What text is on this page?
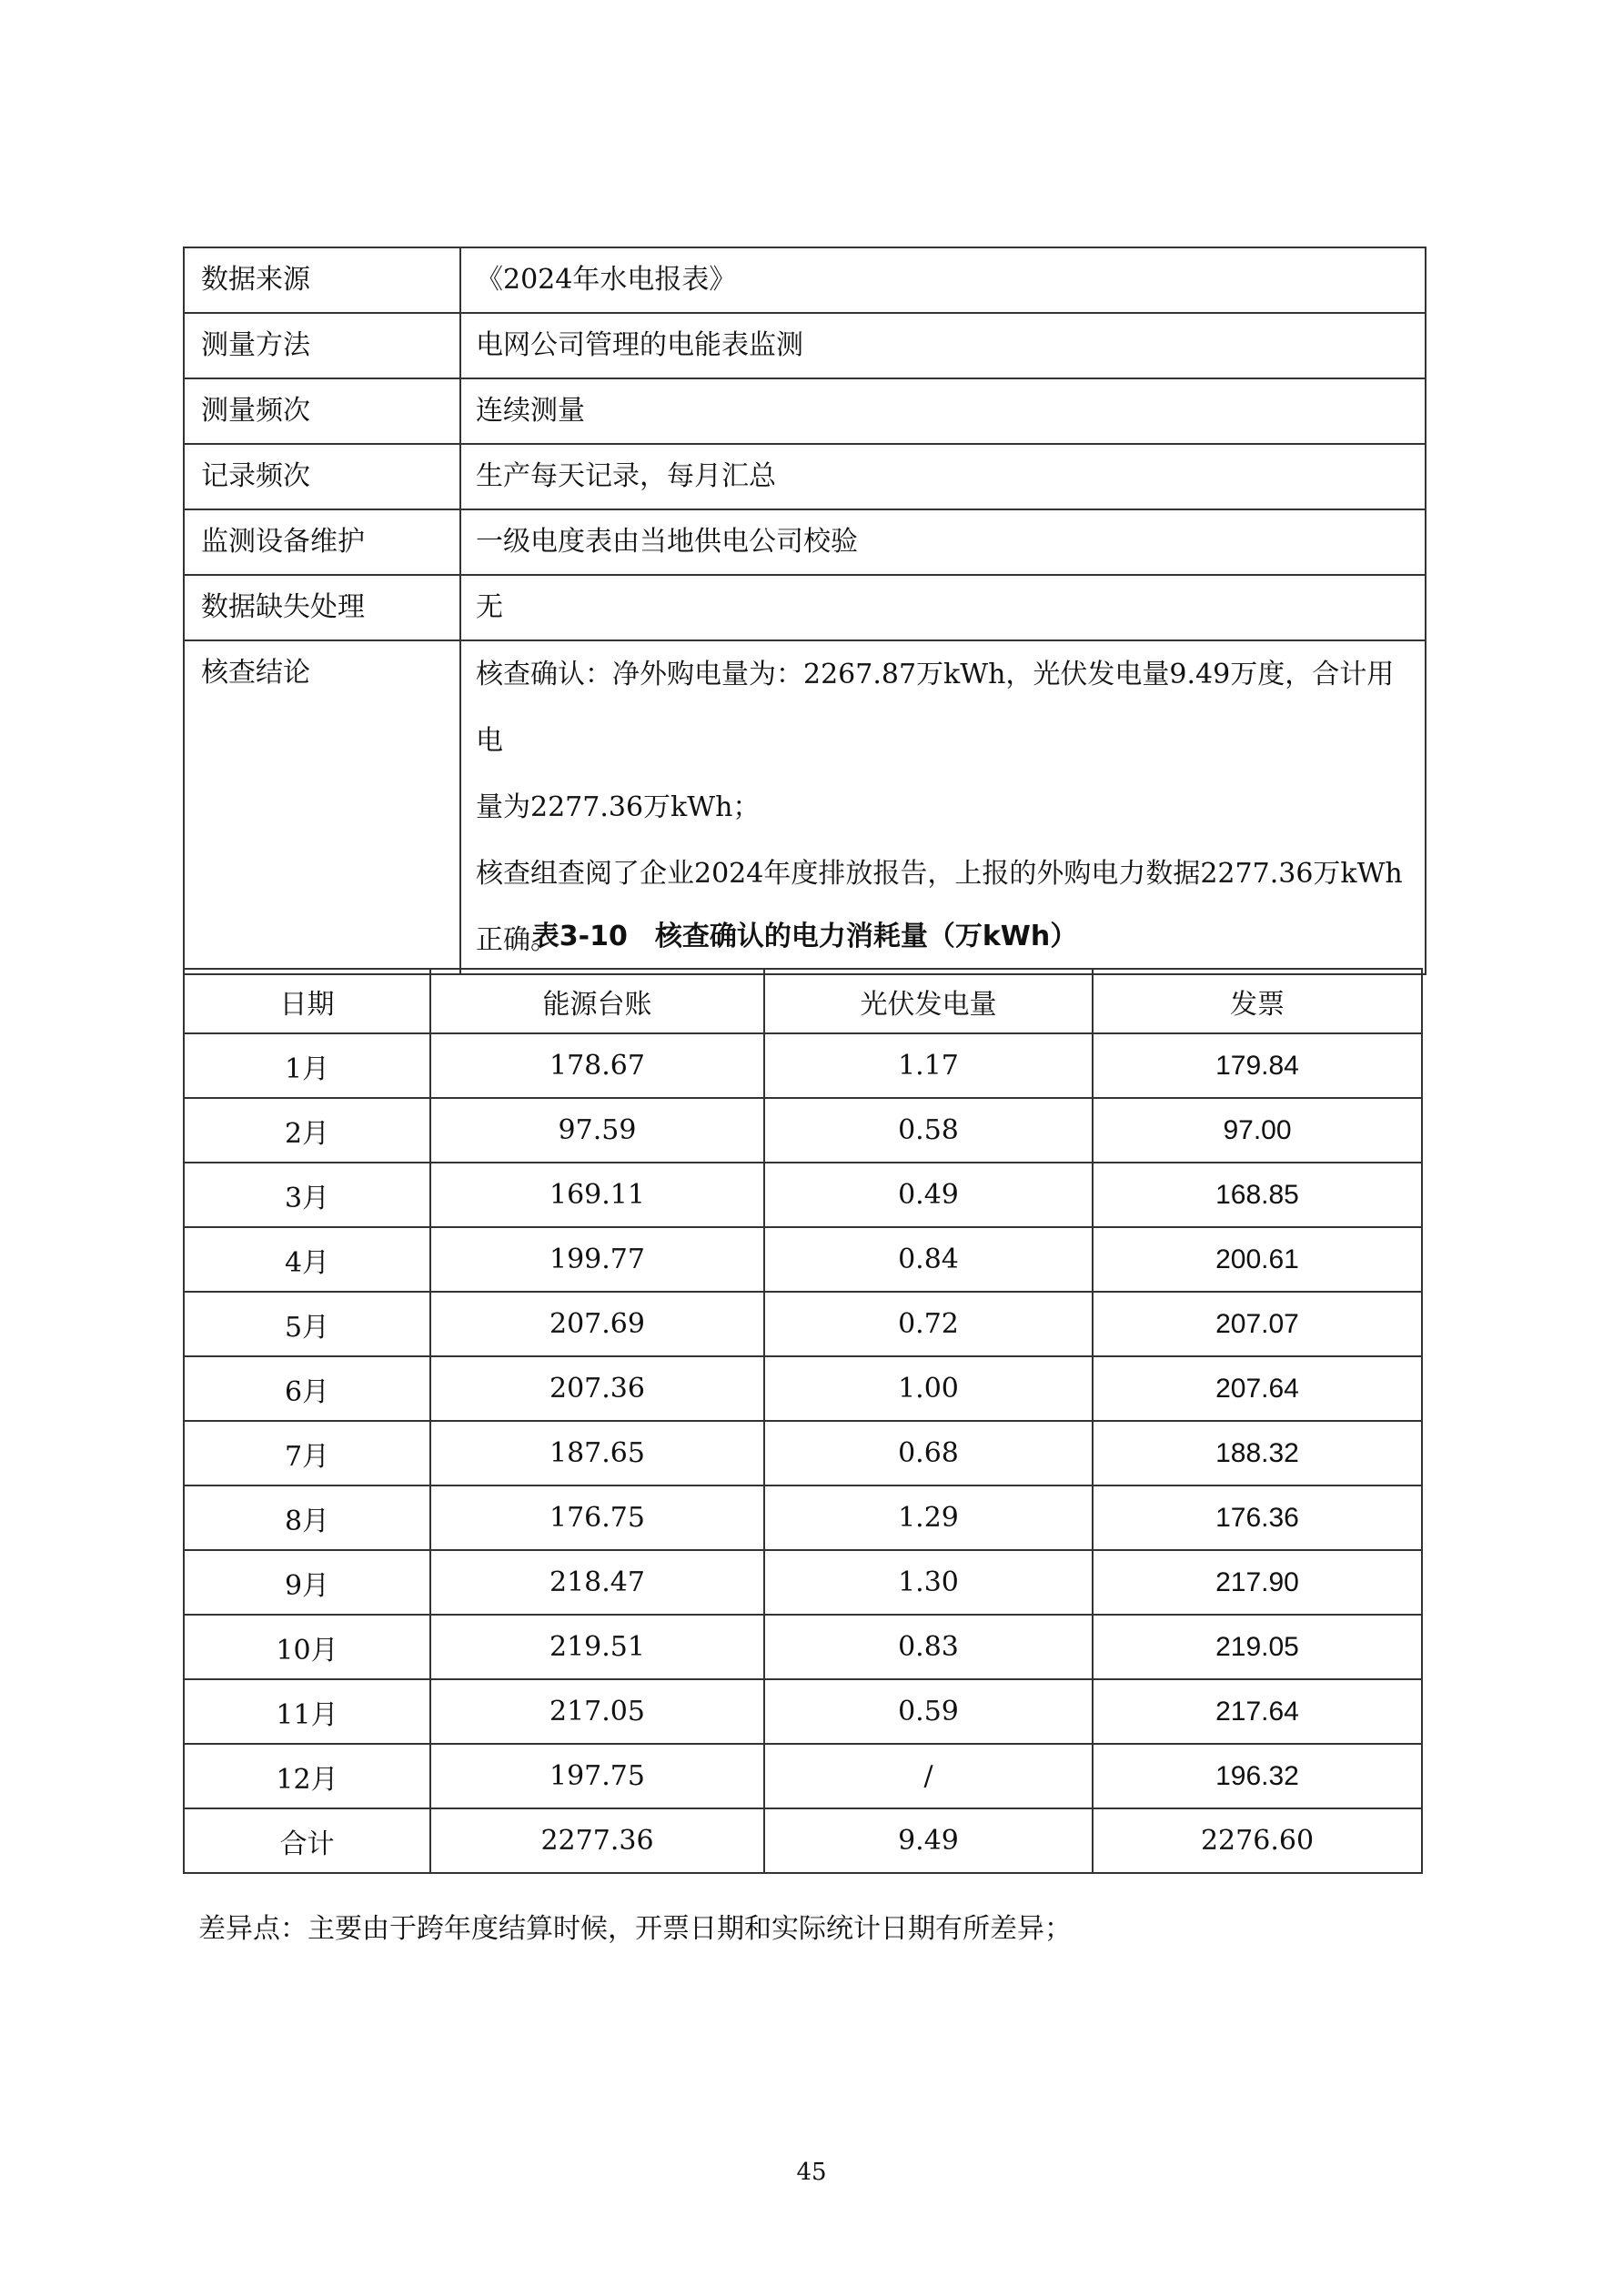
数据来源	《2024年水电报表》
测量方法	电网公司管理的电能表监测
测量频次	连续测量
记录频次	生产每天记录，每月汇总
监测设备维护	一级电度表由当地供电公司校验
数据缺失处理	无
核查结论	核查确认：净外购电量为：2267.87万kWh，光伏发电量9.49万度，合计用电
量为2277.36万kWh；
核查组查阅了企业2024年度排放报告，上报的外购电力数据2277.36万kWh
正确。
表3-10　核查确认的电力消耗量（万kWh）
日期	能源台账	光伏发电量	发票
1月	178.67	1.17	179.84
2月	97.59	0.58	97.00
3月	169.11	0.49	168.85
4月	199.77	0.84	200.61
5月	207.69	0.72	207.07
6月	207.36	1.00	207.64
7月	187.65	0.68	188.32
8月	176.75	1.29	176.36
9月	218.47	1.30	217.90
10月	219.51	0.83	219.05
11月	217.05	0.59	217.64
12月	197.75	/	196.32
合计	2277.36	9.49	2276.60
差异点：主要由于跨年度结算时候，开票日期和实际统计日期有所差异；
45
